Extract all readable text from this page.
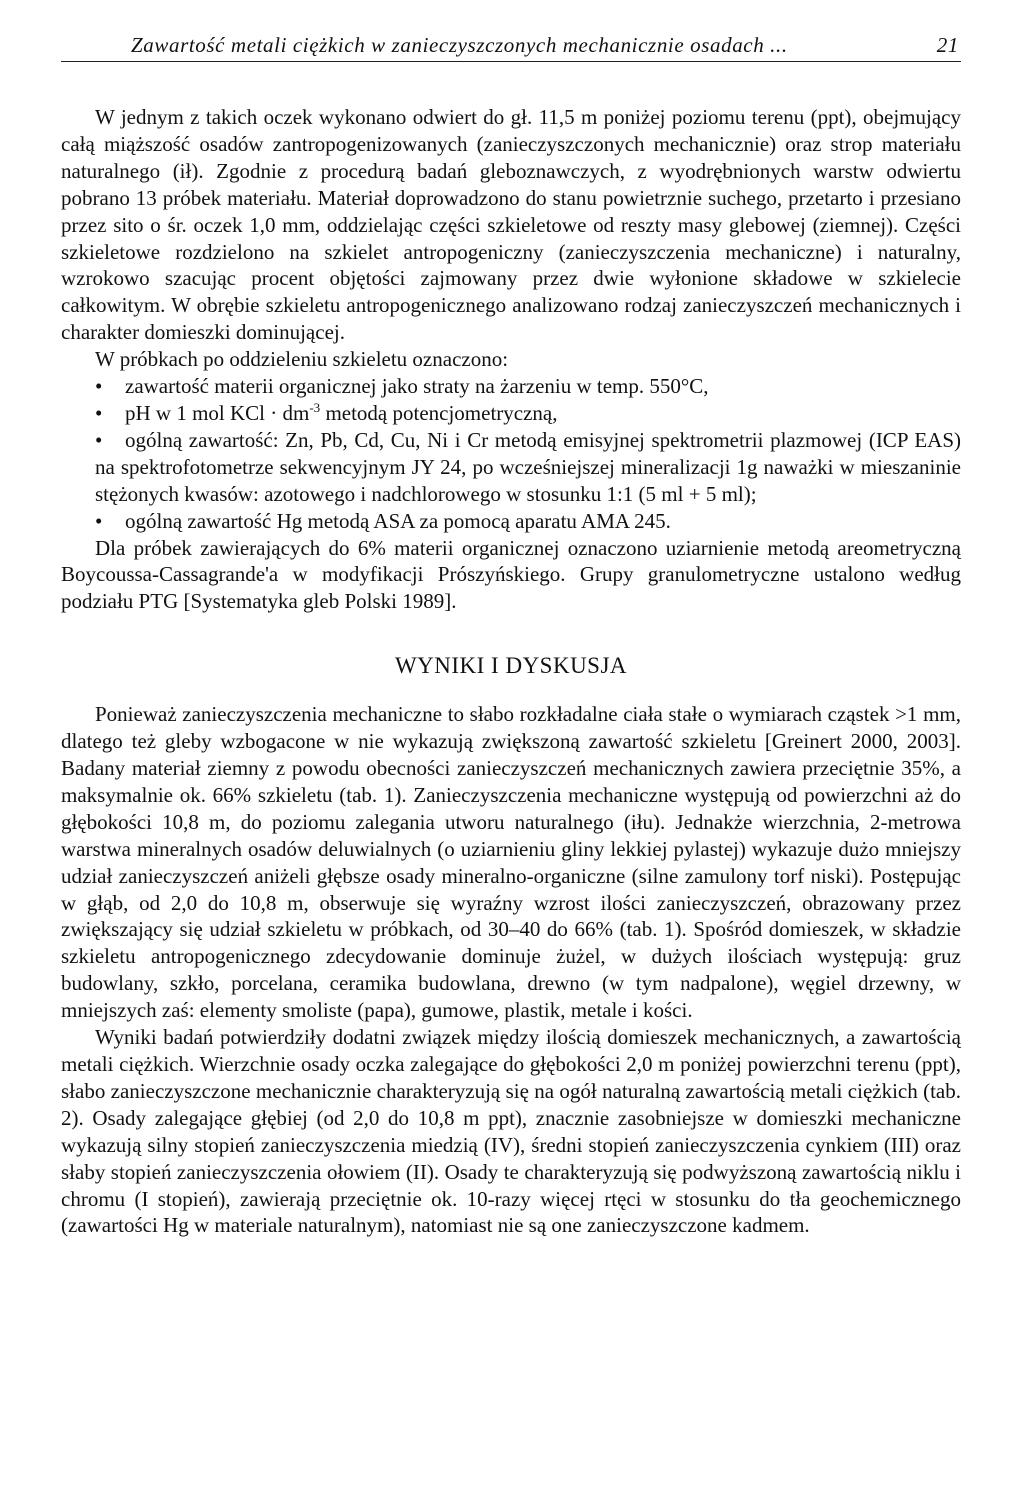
Zawartość metali ciężkich w zanieczyszczonych mechanicznie osadach ...	21

W jednym z takich oczek wykonano odwiert do gł. 11,5 m poniżej poziomu terenu (ppt), obejmujący całą miąższość osadów zantropogenizowanych (zanieczyszczonych mechanicznie) oraz strop materiału naturalnego (ił). Zgodnie z procedurą badań gleboznawczych, z wyodrębnionych warstw odwiertu pobrano 13 próbek materiału. Materiał doprowadzono do stanu powietrznie suchego, przetarto i przesiano przez sito o śr. oczek 1,0 mm, oddzielając części szkieletowe od reszty masy glebowej (ziemnej). Części szkieletowe rozdzielono na szkielet antropogeniczny (zanieczyszczenia mechaniczne) i naturalny, wzrokowo szacując procent objętości zajmowany przez dwie wyłonione składowe w szkielecie całkowitym. W obrębie szkieletu antropogenicznego analizowano rodzaj zanieczyszczeń mechanicznych i charakter domieszki dominującej.

W próbkach po oddzieleniu szkieletu oznaczono:

• zawartość materii organicznej jako straty na żarzeniu w temp. 550°C,
• pH w 1 mol KCl · $dm^{-3}$ metodą potencjometryczną,
• ogólną zawartość: Zn, Pb, Cd, Cu, Ni i Cr metodą emisyjnej spektrometrii plazmowej (ICP EAS) na spektrofotometrze sekwencyjnym JY 24, po wcześniejszej mineralizacji 1g naważki w mieszaninie stężonych kwasów: azotowego i nadchlorowego w stosunku 1:1 (5 ml + 5 ml);
• ogólną zawartość Hg metodą ASA za pomocą aparatu AMA 245.

Dla próbek zawierających do 6% materii organicznej oznaczono uziarnienie metodą areometryczną Boycoussa-Cassagrande'a w modyfikacji Prószyńskiego. Grupy granulometryczne ustalono według podziału PTG [Systematyka gleb Polski 1989].

WYNIKI I DYSKUSJA

Ponieważ zanieczyszczenia mechaniczne to słabo rozkładalne ciała stałe o wymiarach cząstek >1 mm, dlatego też gleby wzbogacone w nie wykazują zwiększoną zawartość szkieletu [Greinert 2000, 2003]. Badany materiał ziemny z powodu obecności zanieczyszczeń mechanicznych zawiera przeciętnie 35%, a maksymalnie ok. 66% szkieletu (tab. 1). Zanieczyszczenia mechaniczne występują od powierzchni aż do głębokości 10,8 m, do poziomu zalegania utworu naturalnego (iłu). Jednakże wierzchnia, 2-metrowa warstwa mineralnych osadów deluwialnych (o uziarnieniu gliny lekkiej pylastej) wykazuje dużo mniejszy udział zanieczyszczeń aniżeli głębsze osady mineralno-organiczne (silne zamulony torf niski). Postępując w głąb, od 2,0 do 10,8 m, obserwuje się wyraźny wzrost ilości zanieczyszczeń, obrazowany przez zwiększający się udział szkieletu w próbkach, od 30–40 do 66% (tab. 1). Spośród domieszek, w składzie szkieletu antropogenicznego zdecydowanie dominuje żużel, w dużych ilościach występują: gruz budowlany, szkło, porcelana, ceramika budowlana, drewno (w tym nadpalone), węgiel drzewny, w mniejszych zaś: elementy smoliste (papa), gumowe, plastik, metale i kości.

Wyniki badań potwierdziły dodatni związek między ilością domieszek mechanicznych, a zawartością metali ciężkich. Wierzchnie osady oczka zalegające do głębokości 2,0 m poniżej powierzchni terenu (ppt), słabo zanieczyszczone mechanicznie charakteryzują się na ogół naturalną zawartością metali ciężkich (tab. 2). Osady zalegające głębiej (od 2,0 do 10,8 m ppt), znacznie zasobniejsze w domieszki mechaniczne wykazują silny stopień zanieczyszczenia miedzią (IV), średni stopień zanieczyszczenia cynkiem (III) oraz słaby stopień zanieczyszczenia ołowiem (II). Osady te charakteryzują się podwyższoną zawartością niklu i chromu (I stopień), zawierają przeciętnie ok. 10-razy więcej rtęci w stosunku do tła geochemicznego (zawartości Hg w materiale naturalnym), natomiast nie są one zanieczyszczone kadmem.
